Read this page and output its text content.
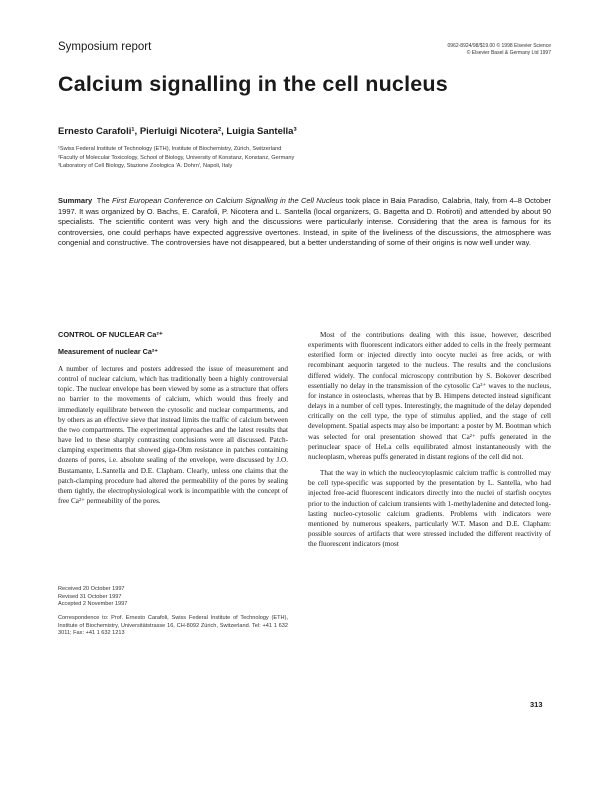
Symposium report	0962-8924/98/$19.00 © 1998 Elsevier Science
© Elsevier Basel & Germany Ltd 1997
Calcium signalling in the cell nucleus
Ernesto Carafoli¹, Pierluigi Nicotera², Luigia Santella³
¹Swiss Federal Institute of Technology (ETH), Institute of Biochemistry, Zürich, Switzerland
²Faculty of Molecular Toxicology, School of Biology, University of Konstanz, Konstanz, Germany
³Laboratory of Cell Biology, Stazione Zoologica 'A. Dohrn', Napoli, Italy
Summary The First European Conference on Calcium Signalling in the Cell Nucleus took place in Baia Paradiso, Calabria, Italy, from 4–8 October 1997. It was organized by O. Bachs, E. Carafoli, P. Nicotera and L. Santella (local organizers, G. Bagetta and D. Rotiroti) and attended by about 90 specialists. The scientific content was very high and the discussions were particularly intense. Considering that the area is famous for its controversies, one could perhaps have expected aggressive overtones. Instead, in spite of the liveliness of the discussions, the atmosphere was congenial and constructive. The controversies have not disappeared, but a better understanding of some of their origins is now well under way.
CONTROL OF NUCLEAR Ca²⁺
Measurement of nuclear Ca²⁺

A number of lectures and posters addressed the issue of measurement and control of nuclear calcium, which has traditionally been a highly controversial topic. The nuclear envelope has been viewed by some as a structure that offers no barrier to the movements of calcium, which would thus freely and immediately equilibrate between the cytosolic and nuclear compartments, and by others as an effective sieve that instead limits the traffic of calcium between the two compartments. The experimental approaches and the latest results that have led to these sharply contrasting conclusions were all discussed. Patch-clamping experiments that showed giga-Ohm resistance in patches containing dozens of pores, i.e. absolute sealing of the envelope, were discussed by J.O. Bustamante, L.Santella and D.E. Clapham. Clearly, unless one claims that the patch-clamping procedure had altered the permeability of the pores by sealing them tightly, the electrophysiological work is incompatible with the concept of free Ca²⁺ permeability of the pores.

Received 20 October 1997
Revised 31 October 1997
Accepted 2 November 1997
Correspondence to: Prof. Ernesto Carafoli, Swiss Federal Institute of Technology (ETH), Institute of Biochemistry, Universitätstrasse 16, CH-8092 Zürich, Switzerland. Tel: +41 1 632 3011; Fax: +41 1 632 1213

Most of the contributions dealing with this issue, however, described experiments with fluorescent indicators either added to cells in the freely permeant esterified form or injected directly into oocyte nuclei as free acids, or with recombinant aequorin targeted to the nucleus. The results and the conclusions differed widely. The confocal microscopy contribution by S. Bokover described essentially no delay in the transmission of the cytosolic Ca²⁺ waves to the nucleus, for instance in osteoclasts, whereas that by B. Himpens detected instead significant delays in a number of cell types. Interestingly, the magnitude of the delay depended critically on the cell type, the type of stimulus applied, and the stage of cell development. Spatial aspects may also be important: a poster by M. Bootman which was selected for oral presentation showed that Ca²⁺ puffs generated in the perinuclear space of HeLa cells equilibrated almost instantaneously with the nucleoplasm, whereas puffs generated in distant regions of the cell did not.

That the way in which the nucleocytoplasmic calcium traffic is controlled may be cell type-specific was supported by the presentation by L. Santella, who had injected free-acid fluorescent indicators directly into the nuclei of starfish oocytes prior to the induction of calcium transients with 1-methyladenine and detected long-lasting nucleo-cytosolic calcium gradients. Problems with indicators were mentioned by numerous speakers, particularly W.T. Mason and D.E. Clapham: possible sources of artifacts that were stressed included the different reactivity of the fluorescent indicators (most

313
